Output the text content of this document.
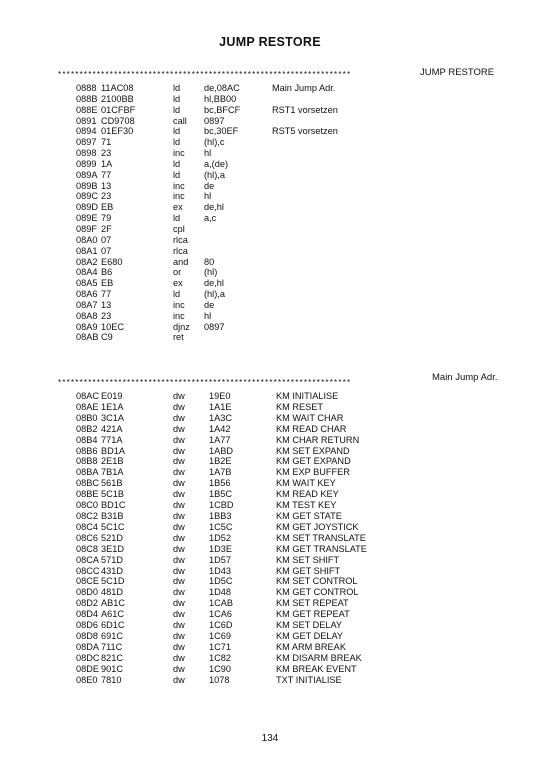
JUMP RESTORE
********************************************************************	JUMP RESTORE
0888 11AC08	ld	de,08AC	Main Jump Adr.
088B 2100BB	ld	hl,BB00
088E 01CFBF	ld	bc,BFCF	RST1 vorsetzen
0891 CD9708	call 0897
0894 01EF30	ld	bc,30EF	RST5 vorsetzen
0897 71	ld	(hl),c
0898 23	inc hl
0899 1A	ld	a,(de)
089A 77	ld	(hl),a
089B 13	inc de
089C 23	inc hl
089D EB	ex de,hl
089E 79	ld	a,c
089F 2F	cpl
08A0 07	rlca
08A1 07	rlca
08A2 E680	and 80
08A4 B6	or (hl)
08A5 EB	ex de,hl
08A6 77	ld	(hl),a
08A7 13	inc de
08A8 23	inc hl
08A9 10EC	djnz 0897
08AB C9	ret
********************************************************************	Main Jump Adr.
08AC E019	dw	19E0	KM INITIALISE
08AE 1E1A	dw	1A1E	KM RESET
08B0 3C1A	dw	1A3C	KM WAIT CHAR
08B2 421A	dw	1A42	KM READ CHAR
08B4 771A	dw	1A77	KM CHAR RETURN
08B6 BD1A	dw	1ABD	KM SET EXPAND
08B8 2E1B	dw	1B2E	KM GET EXPAND
08BA 7B1A	dw	1A7B	KM EXP BUFFER
08BC 561B	dw	1B56	KM WAIT KEY
08BE 5C1B	dw	1B5C	KM READ KEY
08C0 BD1C	dw	1CBD	KM TEST KEY
08C2 B31B	dw	1BB3	KM GET STATE
08C4 5C1C	dw	1C5C	KM GET JOYSTICK
08C6 521D	dw	1D52	KM SET TRANSLATE
08C8 3E1D	dw	1D3E	KM GET TRANSLATE
08CA 571D	dw	1D57	KM SET SHIFT
08CC 431D	dw	1D43	KM GET SHIFT
08CE 5C1D	dw	1D5C	KM SET CONTROL
08D0 481D	dw	1D48	KM GET CONTROL
08D2 AB1C	dw	1CAB	KM SET REPEAT
08D4 A61C	dw	1CA6	KM GET REPEAT
08D6 6D1C	dw	1C6D	KM SET DELAY
08D8 691C	dw	1C69	KM GET DELAY
08DA 711C	dw	1C71	KM ARM BREAK
08DC 821C	dw	1C82	KM DISARM BREAK
08DE 901C	dw	1C90	KM BREAK EVENT
08E0 7810	dw	1078	TXT INITIALISE
134
